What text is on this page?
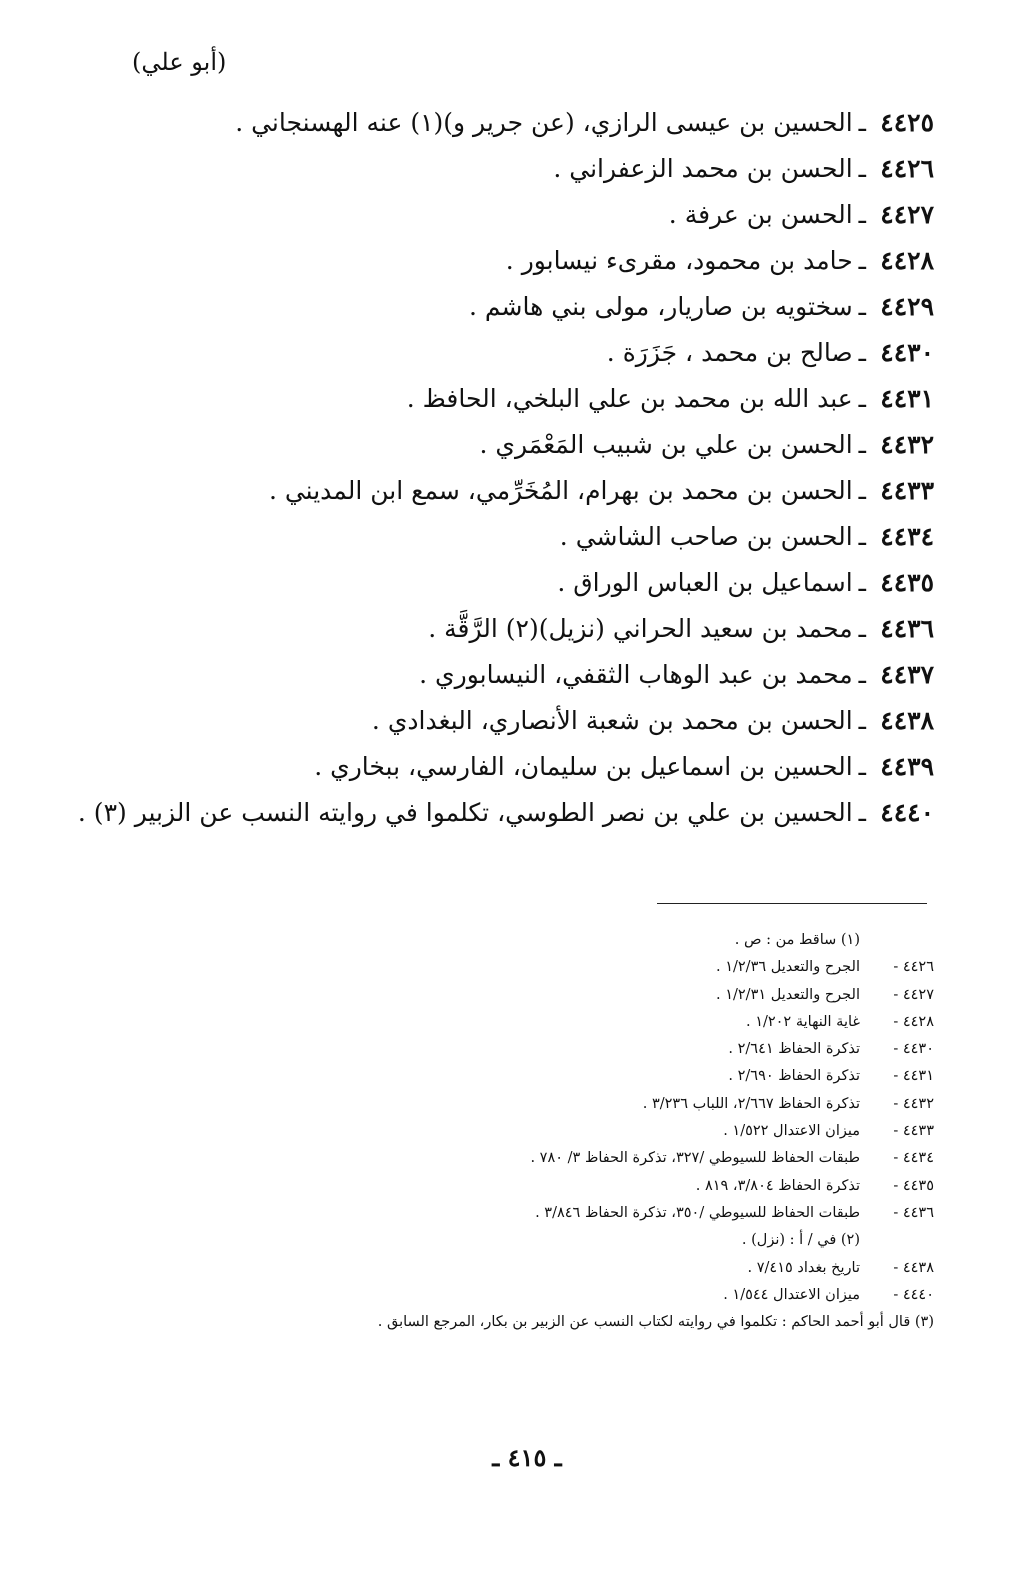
(أبو علي)
٤٤٢٥ـالحسين بن عيسى الرازي، (عن جرير و)(١) عنه الهسنجاني .
٤٤٢٦ـالحسن بن محمد الزعفراني .
٤٤٢٧ـالحسن بن عرفة .
٤٤٢٨ـحامد بن محمود، مقرىء نيسابور .
٤٤٢٩ـسختويه بن صاريار، مولى بني هاشم .
٤٤٣٠ـصالح بن محمد ، جَزَرَة .
٤٤٣١ـعبد الله بن محمد بن علي البلخي، الحافظ .
٤٤٣٢ـالحسن بن علي بن شبيب المَعْمَري .
٤٤٣٣ـالحسن بن محمد بن بهرام، المُخَرِّمي، سمع ابن المديني .
٤٤٣٤ـالحسن بن صاحب الشاشي .
٤٤٣٥ـاسماعيل بن العباس الوراق .
٤٤٣٦ـمحمد بن سعيد الحراني (نزيل)(٢) الرَّقَّة .
٤٤٣٧ـمحمد بن عبد الوهاب الثقفي، النيسابوري .
٤٤٣٨ـالحسن بن محمد بن شعبة الأنصاري، البغدادي .
٤٤٣٩ـالحسين بن اسماعيل بن سليمان، الفارسي، ببخاري .
٤٤٤٠ـالحسين بن علي بن نصر الطوسي، تكلموا في روايته النسب عن الزبير (٣) .
(١) ساقط من : ص .
٤٤٢٦ -الجرح والتعديل ١/٢/٣٦ .
٤٤٢٧ -الجرح والتعديل ١/٢/٣١ .
٤٤٢٨ -غاية النهاية ١/٢٠٢ .
٤٤٣٠ -تذكرة الحفاظ ٢/٦٤١ .
٤٤٣١ -تذكرة الحفاظ ٢/٦٩٠ .
٤٤٣٢ -تذكرة الحفاظ ٢/٦٦٧، اللباب ٣/٢٣٦ .
٤٤٣٣ -ميزان الاعتدال ١/٥٢٢ .
٤٤٣٤ -طبقات الحفاظ للسيوطي /٣٢٧، تذكرة الحفاظ ٣/ ٧٨٠ .
٤٤٣٥ -تذكرة الحفاظ ٣/٨٠٤، ٨١٩ .
٤٤٣٦ -طبقات الحفاظ للسيوطي /٣٥٠، تذكرة الحفاظ ٣/٨٤٦ .
(٢) في / أ : (نزل) .
٤٤٣٨ -تاريخ بغداد ٧/٤١٥ .
٤٤٤٠ -ميزان الاعتدال ١/٥٤٤ .
(٣) قال أبو أحمد الحاكم : تكلموا في روايته لكتاب النسب عن الزبير بن بكار، المرجع السابق .
ـ ٤١٥ ـ
